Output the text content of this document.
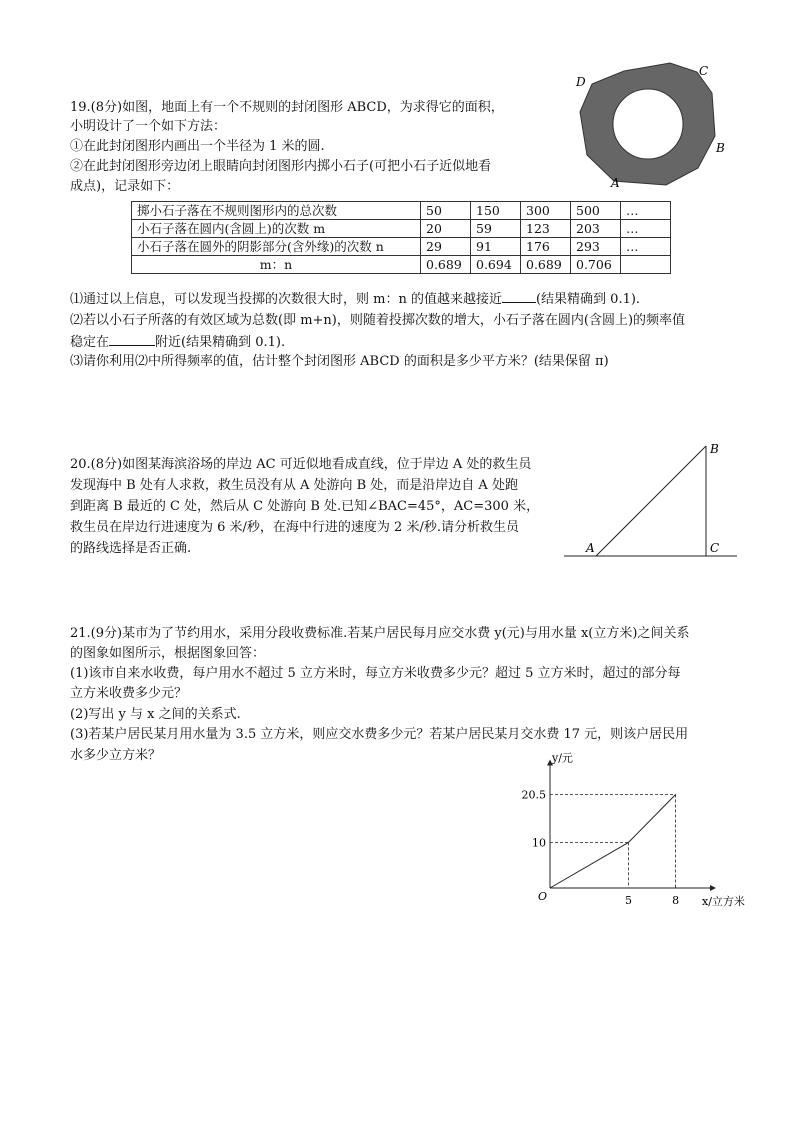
19.(8分)如图，地面上有一个不规则的封闭图形 ABCD，为求得它的面积，
小明设计了一个如下方法：
①在此封闭图形内画出一个半径为 1 米的圆.
②在此封闭图形旁边闭上眼睛向封闭图形内掷小石子(可把小石子近似地看
成点)，记录如下：
D
C
B
A
掷小石子落在不规则图形内的总次数	50	150	300	500	…
小石子落在圆内(含圆上)的次数 m	20	59	123	203	…
小石子落在圆外的阴影部分(含外缘)的次数 n	29	91	176	293	…
m：n	0.689	0.694	0.689	0.706	
⑴通过以上信息，可以发现当投掷的次数很大时，则 m：n 的值越来越接近	(结果精确到 0.1).
⑵若以小石子所落的有效区域为总数(即 m+n)，则随着投掷次数的增大，小石子落在圆内(含圆上)的频率值
稳定在	附近(结果精确到 0.1).
⑶请你利用⑵中所得频率的值，估计整个封闭图形 ABCD 的面积是多少平方米？(结果保留 π)
20.(8分)如图某海滨浴场的岸边 AC 可近似地看成直线，位于岸边 A 处的救生员
发现海中 B 处有人求救，救生员没有从 A 处游向 B 处，而是沿岸边自 A 处跑
到距离 B 最近的 C 处，然后从 C 处游向 B 处.已知∠BAC=45°，AC=300 米，
救生员在岸边行进速度为 6 米/秒，在海中行进的速度为 2 米/秒.请分析救生员
的路线选择是否正确.
B
A	C
21.(9分)某市为了节约用水，采用分段收费标准.若某户居民每月应交水费 y(元)与用水量 x(立方米)之间关系
的图象如图所示，根据图象回答：
(1)该市自来水收费，每户用水不超过 5 立方米时，每立方米收费多少元？超过 5 立方米时，超过的部分每
立方米收费多少元？
(2)写出 y 与 x 之间的关系式.
(3)若某户居民某月用水量为 3.5 立方米，则应交水费多少元？若某户居民某月交水费 17 元，则该户居民用
水多少立方米？
5	8
10
20.5
O
y/元
x/立方米
